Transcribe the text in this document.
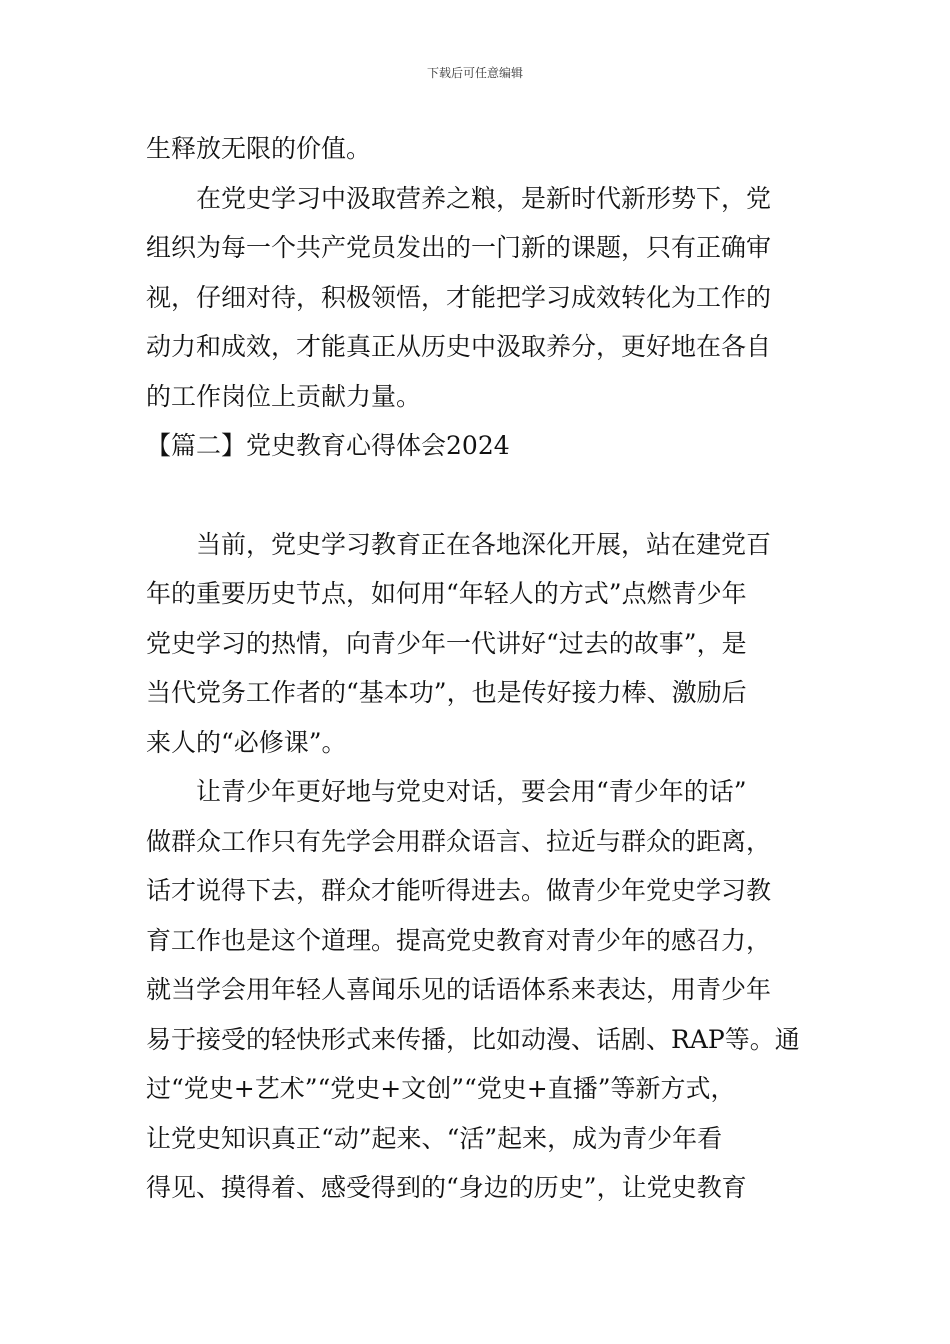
下载后可任意编辑
生释放无限的价值。
在党史学习中汲取营养之粮，是新时代新形势下，党
组织为每一个共产党员发出的一门新的课题，只有正确审
视，仔细对待，积极领悟，才能把学习成效转化为工作的
动力和成效，才能真正从历史中汲取养分，更好地在各自
的工作岗位上贡献力量。
【篇二】党史教育心得体会2024
当前，党史学习教育正在各地深化开展，站在建党百
年的重要历史节点，如何用“年轻人的方式”点燃青少年
党史学习的热情，向青少年一代讲好“过去的故事”，是
当代党务工作者的“基本功”，也是传好接力棒、激励后
来人的“必修课”。
让青少年更好地与党史对话，要会用“青少年的话”
做群众工作只有先学会用群众语言、拉近与群众的距离，
话才说得下去，群众才能听得进去。做青少年党史学习教
育工作也是这个道理。提高党史教育对青少年的感召力，
就当学会用年轻人喜闻乐见的话语体系来表达，用青少年
易于接受的轻快形式来传播，比如动漫、话剧、RAP等。通
过“党史+艺术”“党史+文创”“党史+直播”等新方式，
让党史知识真正“动”起来、“活”起来，成为青少年看
得见、摸得着、感受得到的“身边的历史”，让党史教育
